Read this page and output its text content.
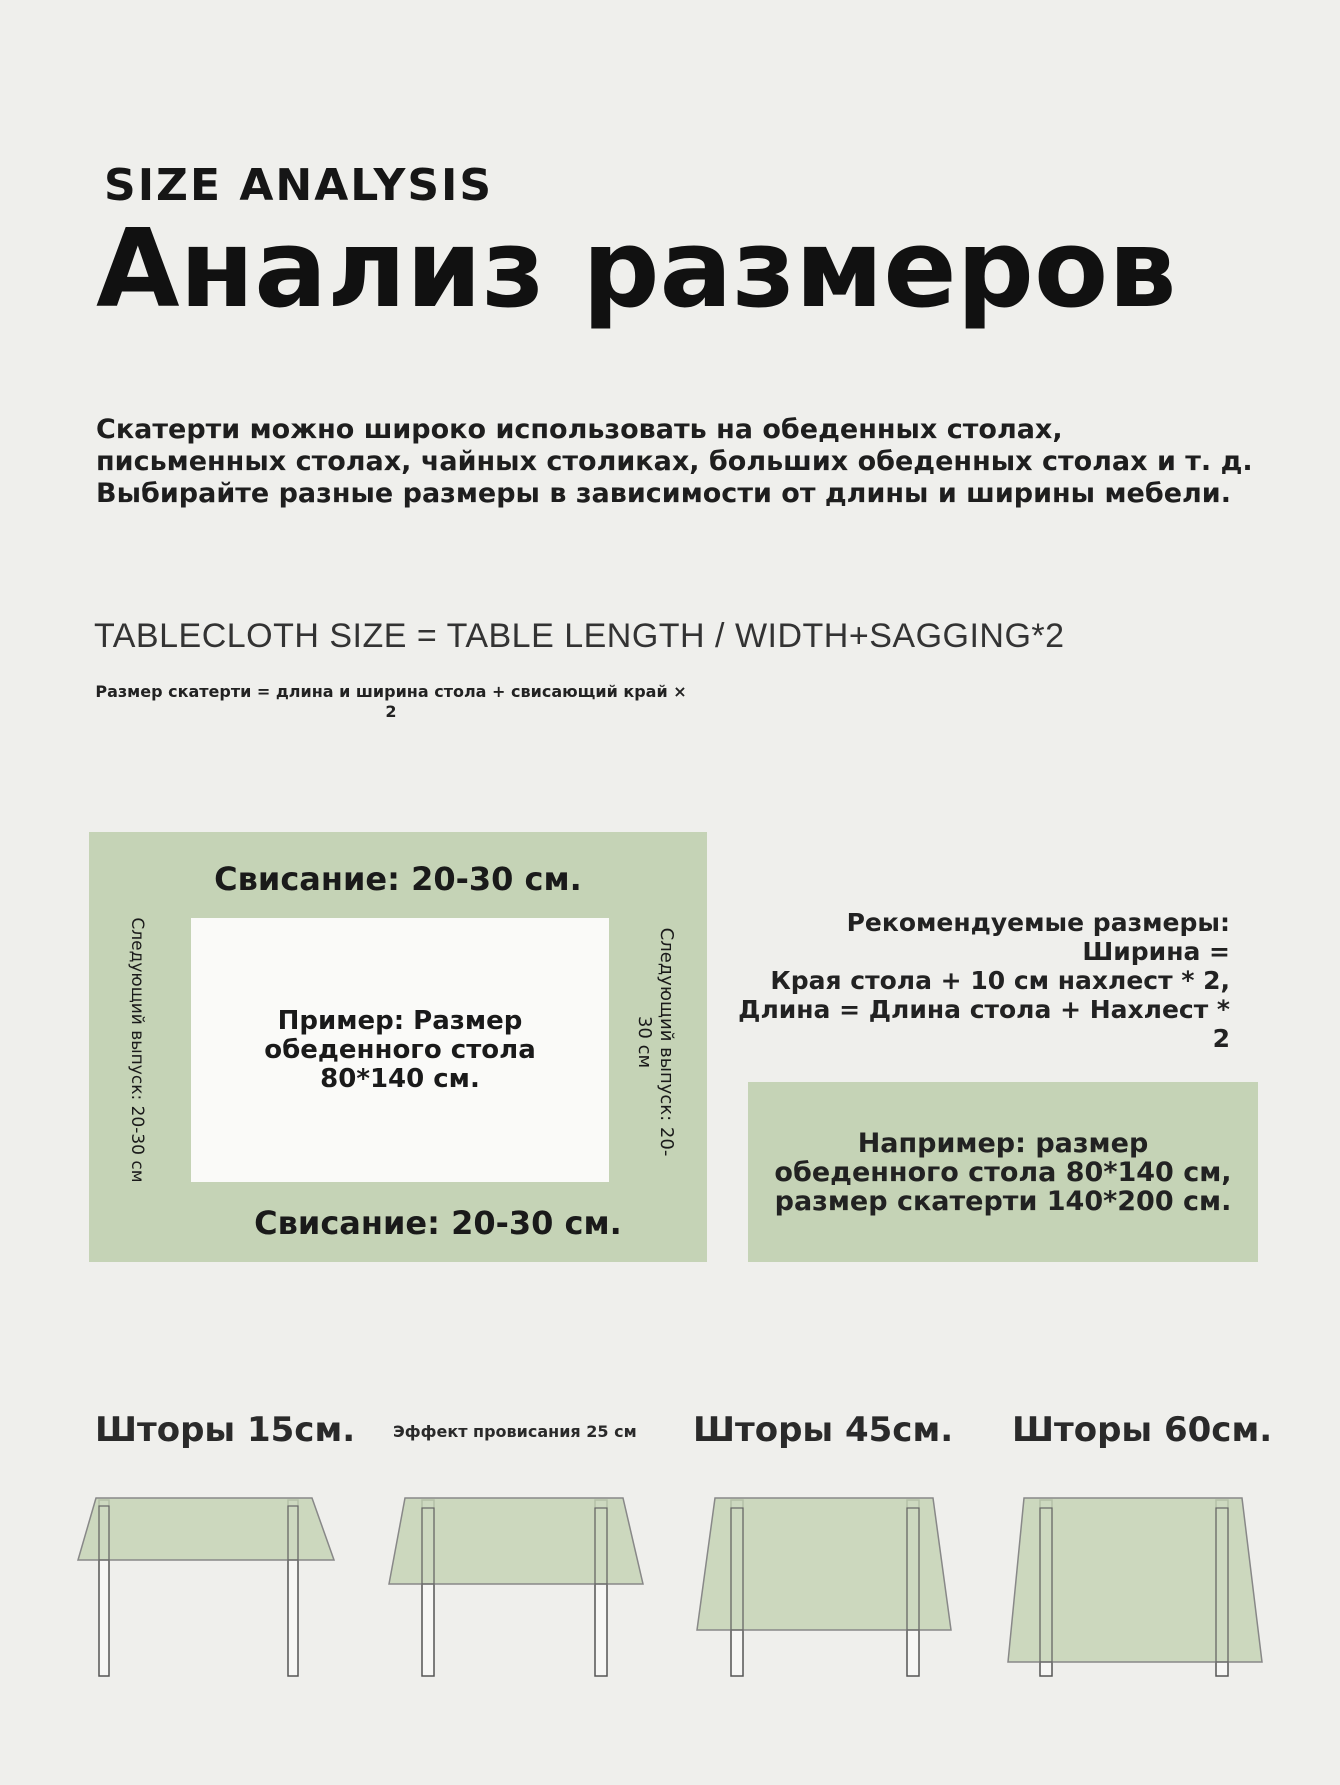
SIZE ANALYSIS
Анализ размеров
Скатерти можно широко использовать на обеденных столах,
письменных столах, чайных столиках, больших обеденных столах и т. д.
Выбирайте разные размеры в зависимости от длины и ширины мебели.
TABLECLOTH SIZE = TABLE LENGTH / WIDTH+SAGGING*2
Размер скатерти = длина и ширина стола + свисающий край ×
2
Свисание: 20-30 см.
Следующий выпуск: 20-30 см	Пример: Размер обеденного стола 80*140 см.	Следующий выпуск: 20-30 см
Свисание: 20-30 см.
Рекомендуемые размеры: Ширина =
Края стола + 10 см нахлест * 2,
Длина = Длина стола + Нахлест * 2
Например: размер
обеденного стола 80*140 см,
размер скатерти 140*200 см.
Шторы 15см. Эффект провисания 25 см Шторы 45см. Шторы 60см.
